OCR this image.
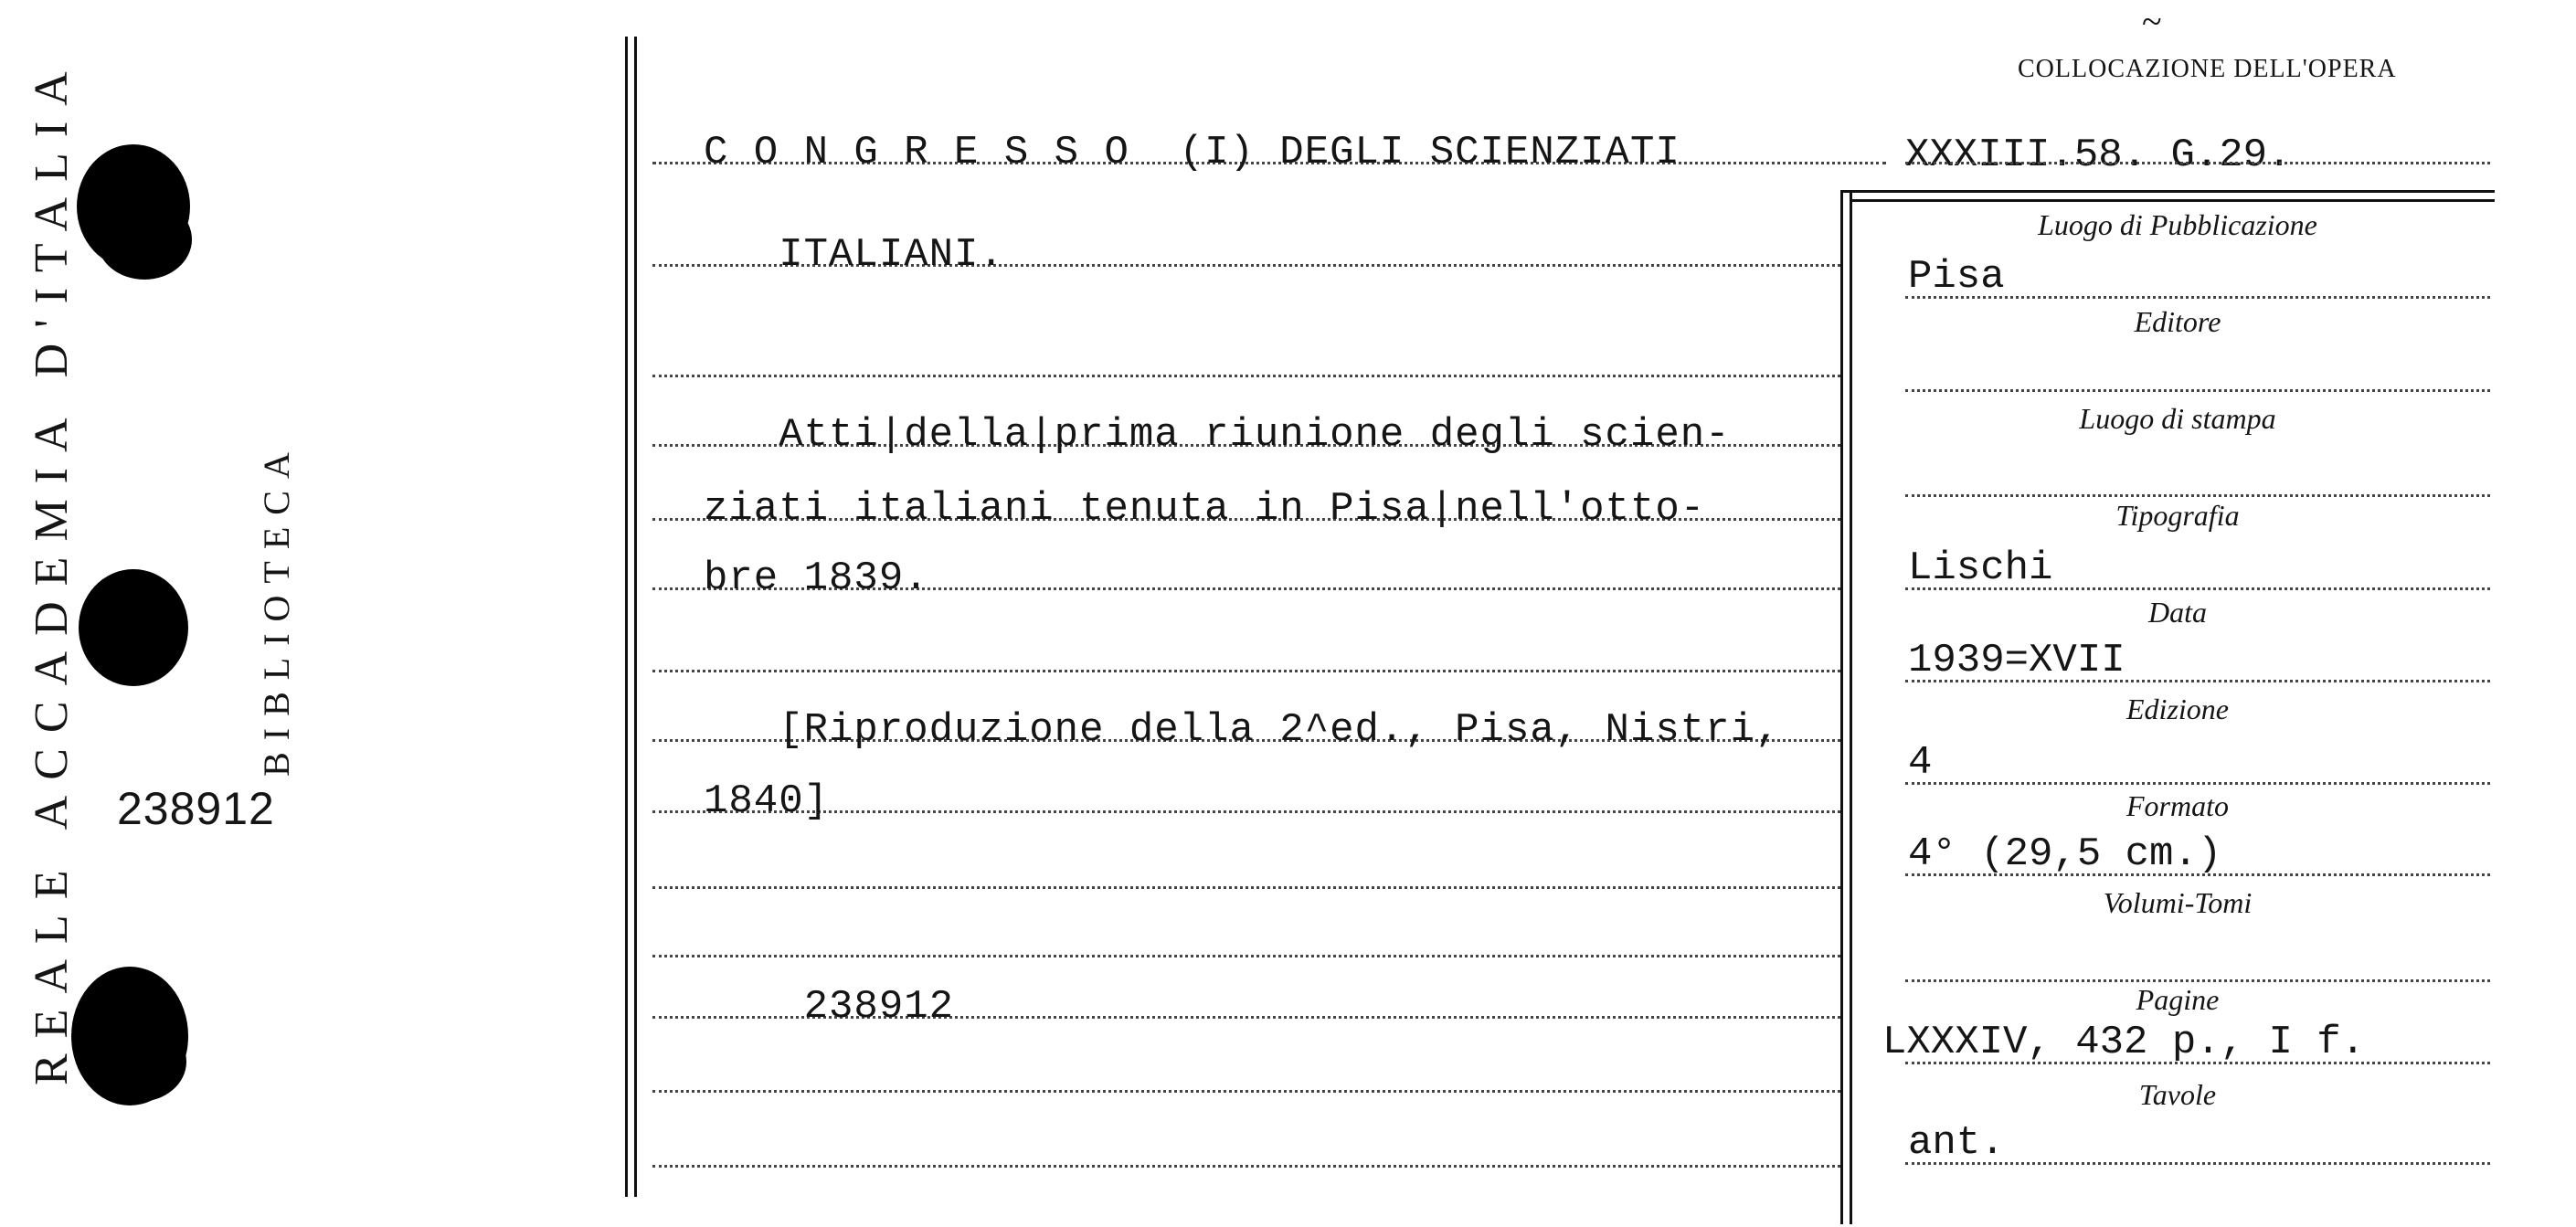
238912
REALE ACCADEMIA D'ITALIA	BIBLIOTECA
~
COLLOCAZIONE DELL'OPERA
XXXIII.58. G.29.
C O N G R E S S O  (I) DEGLI SCIENZIATI
ITALIANI.
Atti|della|prima riunione degli scien-
ziati italiani tenuta in Pisa|nell'otto-
bre 1839.
[Riproduzione della 2^ed., Pisa, Nistri,
1840]
238912
Luogo di Pubblicazione
Pisa
Editore
Luogo di stampa
Tipografia
Lischi
Data
1939=XVII
Edizione
4
Formato
4° (29,5 cm.)
Volumi-Tomi
Pagine
LXXXIV, 432 p., I f.
Tavole
ant.
